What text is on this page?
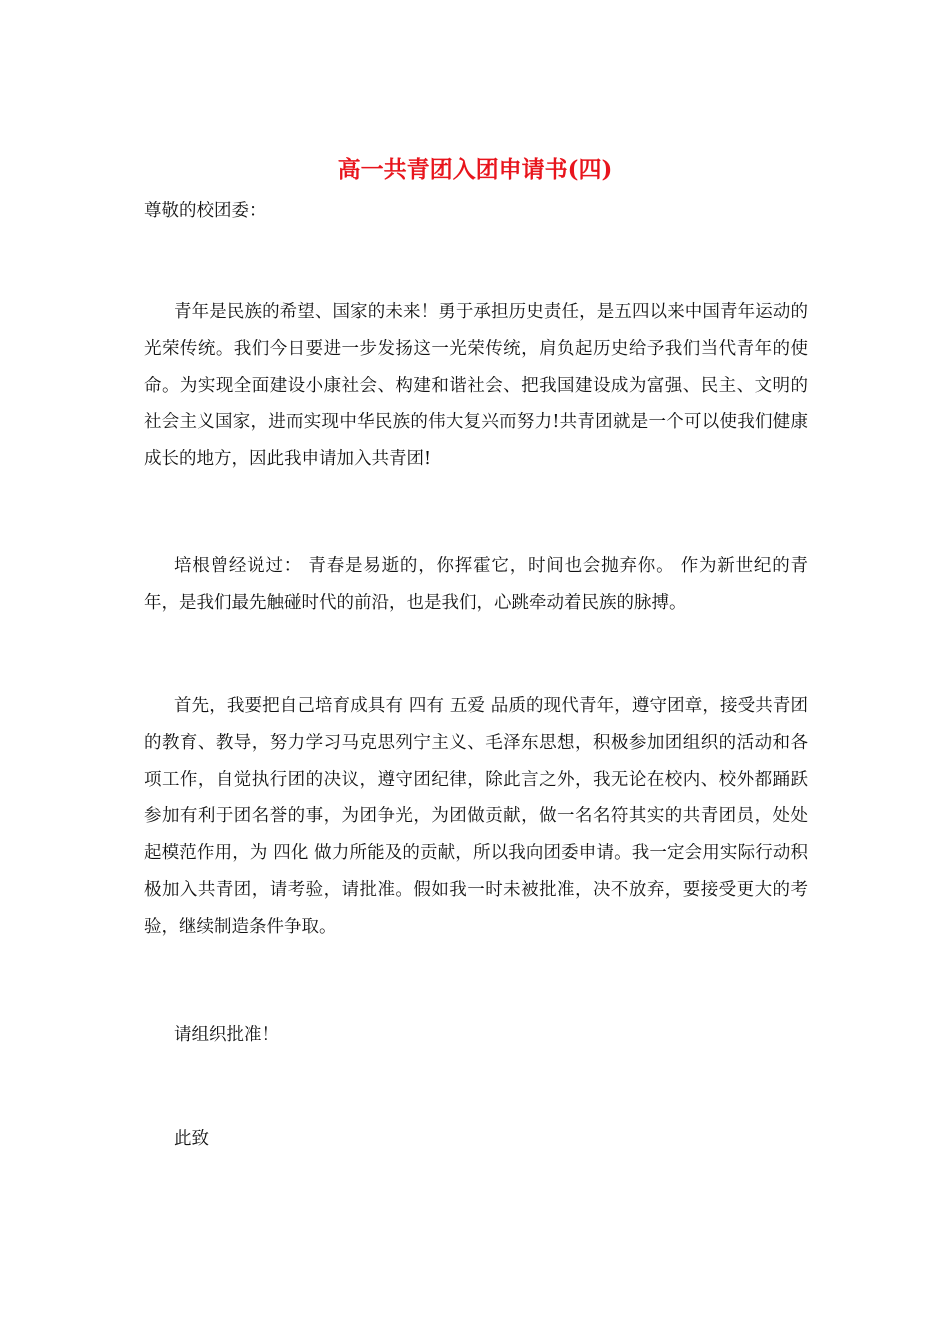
高一共青团入团申请书(四)

尊敬的校团委：

青年是民族的希望、国家的未来！勇于承担历史责任，是五四以来中国青年运动的光荣传统。我们今日要进一步发扬这一光荣传统，肩负起历史给予我们当代青年的使命。为实现全面建设小康社会、构建和谐社会、把我国建设成为富强、民主、文明的社会主义国家，进而实现中华民族的伟大复兴而努力!共青团就是一个可以使我们健康成长的地方，因此我申请加入共青团!

培根曾经说过： 青春是易逝的，你挥霍它，时间也会抛弃你。 作为新世纪的青年，是我们最先触碰时代的前沿，也是我们，心跳牵动着民族的脉搏。

首先，我要把自己培育成具有 四有 五爱 品质的现代青年，遵守团章，接受共青团的教育、教导，努力学习马克思列宁主义、毛泽东思想，积极参加团组织的活动和各项工作，自觉执行团的决议，遵守团纪律，除此言之外，我无论在校内、校外都踊跃参加有利于团名誉的事，为团争光，为团做贡献，做一名名符其实的共青团员，处处起模范作用，为 四化 做力所能及的贡献，所以我向团委申请。我一定会用实际行动积极加入共青团，请考验，请批准。假如我一时未被批准，决不放弃，要接受更大的考验，继续制造条件争取。

请组织批准！

此致
